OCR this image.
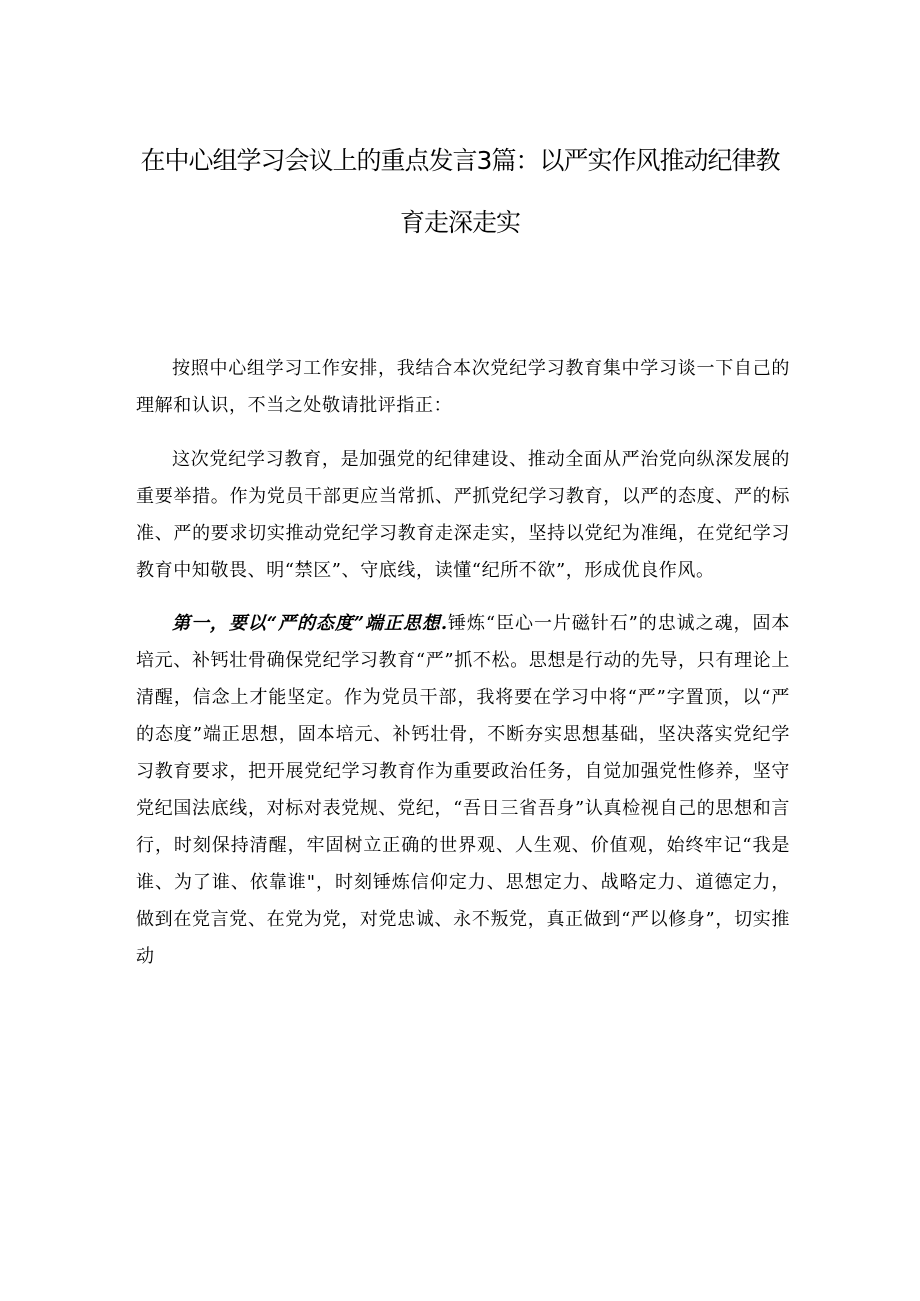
在中心组学习会议上的重点发言3篇：以严实作风推动纪律教
育走深走实

按照中心组学习工作安排，我结合本次党纪学习教育集中学习谈一下自己的理解和认识，不当之处敬请批评指正：

这次党纪学习教育，是加强党的纪律建设、推动全面从严治党向纵深发展的重要举措。作为党员干部更应当常抓、严抓党纪学习教育，以严的态度、严的标准、严的要求切实推动党纪学习教育走深走实，坚持以党纪为准绳，在党纪学习教育中知敬畏、明“禁区”、守底线，读懂“纪所不欲”，形成优良作风。

第一，要以“严的态度”端正思想.锤炼“臣心一片磁针石”的忠诚之魂，固本培元、补钙壮骨确保党纪学习教育“严”抓不松。思想是行动的先导，只有理论上清醒，信念上才能坚定。作为党员干部，我将要在学习中将“严”字置顶，以“严的态度”端正思想，固本培元、补钙壮骨，不断夯实思想基础，坚决落实党纪学习教育要求，把开展党纪学习教育作为重要政治任务，自觉加强党性修养，坚守党纪国法底线，对标对表党规、党纪，“吾日三省吾身”认真检视自己的思想和言行，时刻保持清醒，牢固树立正确的世界观、人生观、价值观，始终牢记“我是谁、为了谁、依靠谁"，时刻锤炼信仰定力、思想定力、战略定力、道德定力，做到在党言党、在党为党，对党忠诚、永不叛党，真正做到“严以修身”，切实推动
